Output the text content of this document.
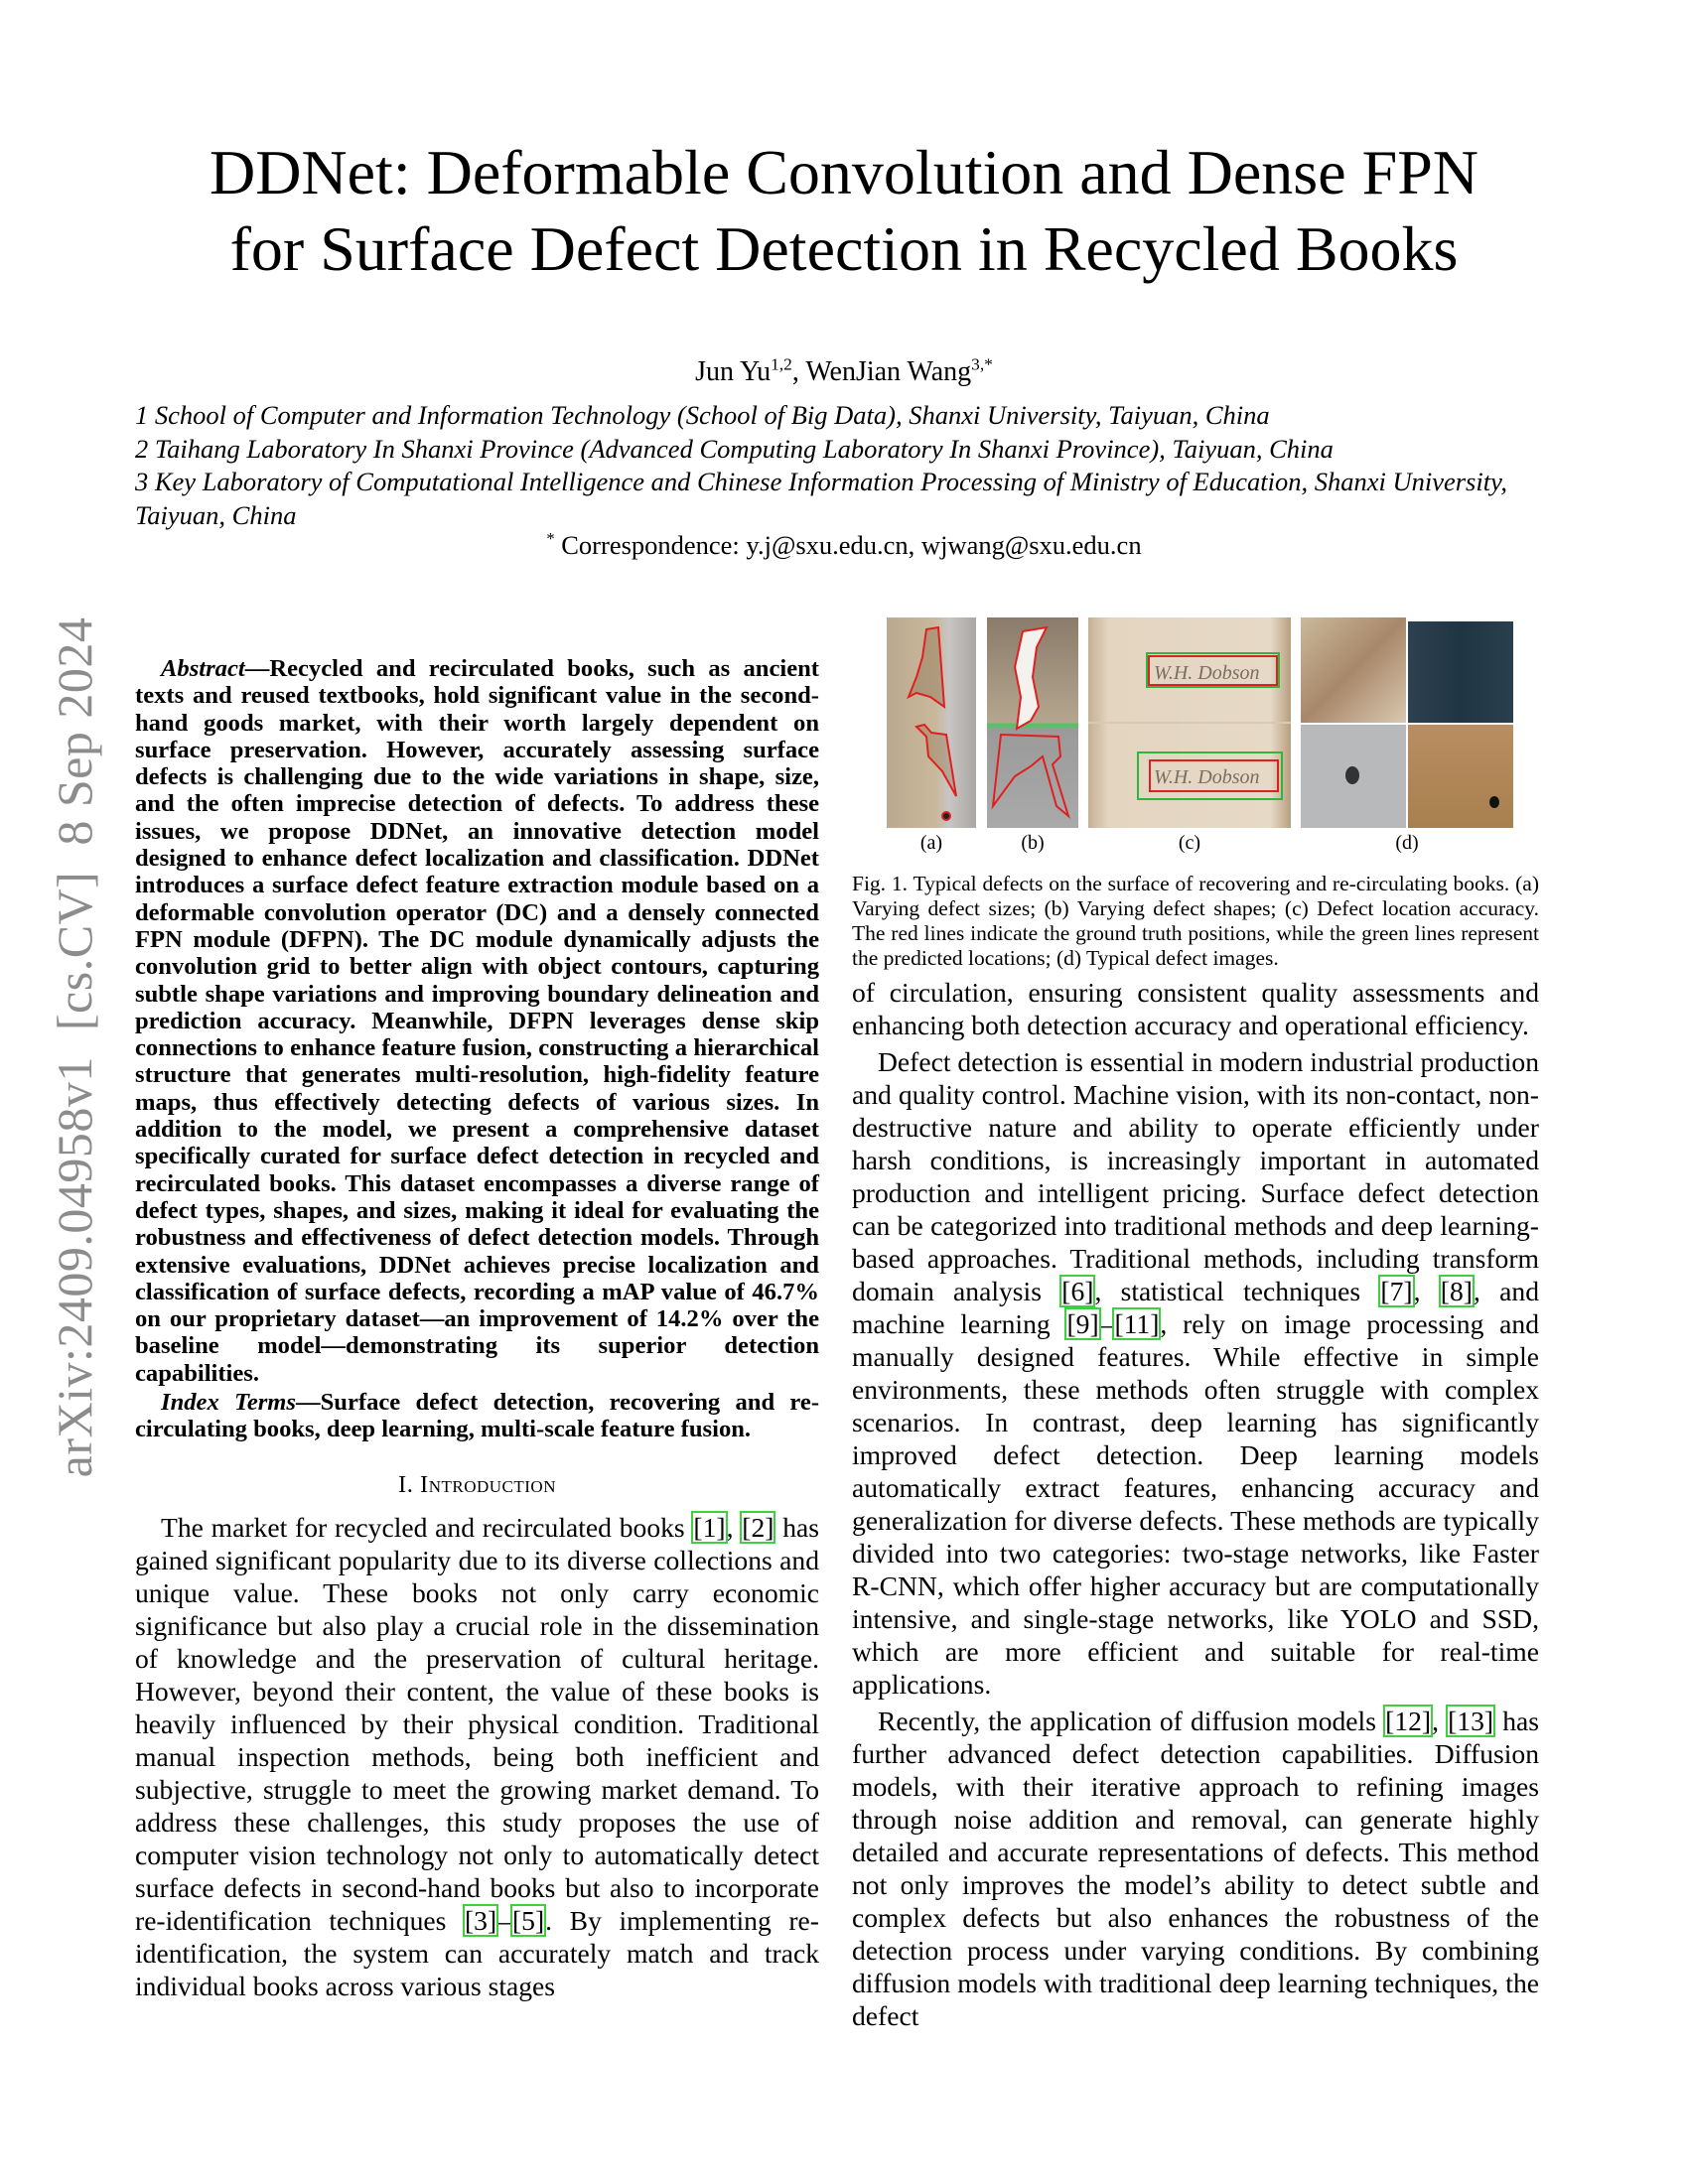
DDNet: Deformable Convolution and Dense FPN
for Surface Defect Detection in Recycled Books
Jun Yu$^{1,2}$, WenJian Wang$^{3,*}$
1 School of Computer and Information Technology (School of Big Data), Shanxi University, Taiyuan, China
2 Taihang Laboratory In Shanxi Province (Advanced Computing Laboratory In Shanxi Province), Taiyuan, China
3 Key Laboratory of Computational Intelligence and Chinese Information Processing of Ministry of Education, Shanxi University, Taiyuan, China
* Correspondence: y.j@sxu.edu.cn, wjwang@sxu.edu.cn
arXiv:2409.04958v1  [cs.CV]  8 Sep 2024	Abstract—Recycled and recirculated books, such as ancient texts and reused textbooks, hold significant value in the second-hand goods market, with their worth largely dependent on surface preservation. However, accurately assessing surface defects is challenging due to the wide variations in shape, size, and the often imprecise detection of defects. To address these issues, we propose DDNet, an innovative detection model designed to enhance defect localization and classification. DDNet introduces a surface defect feature extraction module based on a deformable convolution operator (DC) and a densely connected FPN module (DFPN). The DC module dynamically adjusts the convolution grid to better align with object contours, capturing subtle shape variations and improving boundary delineation and prediction accuracy. Meanwhile, DFPN leverages dense skip connections to enhance feature fusion, constructing a hierarchical structure that generates multi-resolution, high-fidelity feature maps, thus effectively detecting defects of various sizes. In addition to the model, we present a comprehensive dataset specifically curated for surface defect detection in recycled and recirculated books. This dataset encompasses a diverse range of defect types, shapes, and sizes, making it ideal for evaluating the robustness and effectiveness of defect detection models. Through extensive evaluations, DDNet achieves precise localization and classification of surface defects, recording a mAP value of 46.7% on our proprietary dataset—an improvement of 14.2% over the baseline model—demonstrating its superior detection capabilities.

Index Terms—Surface defect detection, recovering and re-circulating books, deep learning, multi-scale feature fusion.

I. Introduction

The market for recycled and recirculated books [1], [2] has gained significant popularity due to its diverse collections and unique value. These books not only carry economic significance but also play a crucial role in the dissemination of knowledge and the preservation of cultural heritage. However, beyond their content, the value of these books is heavily influenced by their physical condition. Traditional manual inspection methods, being both inefficient and subjective, struggle to meet the growing market demand. To address these challenges, this study proposes the use of computer vision technology not only to automatically detect surface defects in second-hand books but also to incorporate re-identification techniques [3]–[5]. By implementing re-identification, the system can accurately match and track individual books across various stages

W.H. Dobson
W.H. Dobson
(a)	(b)	(c)	(d)
Fig. 1. Typical defects on the surface of recovering and re-circulating books. (a) Varying defect sizes; (b) Varying defect shapes; (c) Defect location accuracy. The red lines indicate the ground truth positions, while the green lines represent the predicted locations; (d) Typical defect images.

of circulation, ensuring consistent quality assessments and enhancing both detection accuracy and operational efficiency.

Defect detection is essential in modern industrial production and quality control. Machine vision, with its non-contact, non-destructive nature and ability to operate efficiently under harsh conditions, is increasingly important in automated production and intelligent pricing. Surface defect detection can be categorized into traditional methods and deep learning-based approaches. Traditional methods, including transform domain analysis [6], statistical techniques [7], [8], and machine learning [9]–[11], rely on image processing and manually designed features. While effective in simple environments, these methods often struggle with complex scenarios. In contrast, deep learning has significantly improved defect detection. Deep learning models automatically extract features, enhancing accuracy and generalization for diverse defects. These methods are typically divided into two categories: two-stage networks, like Faster R-CNN, which offer higher accuracy but are computationally intensive, and single-stage networks, like YOLO and SSD, which are more efficient and suitable for real-time applications.

Recently, the application of diffusion models [12], [13] has further advanced defect detection capabilities. Diffusion models, with their iterative approach to refining images through noise addition and removal, can generate highly detailed and accurate representations of defects. This method not only improves the model’s ability to detect subtle and complex defects but also enhances the robustness of the detection process under varying conditions. By combining diffusion models with traditional deep learning techniques, the defect
